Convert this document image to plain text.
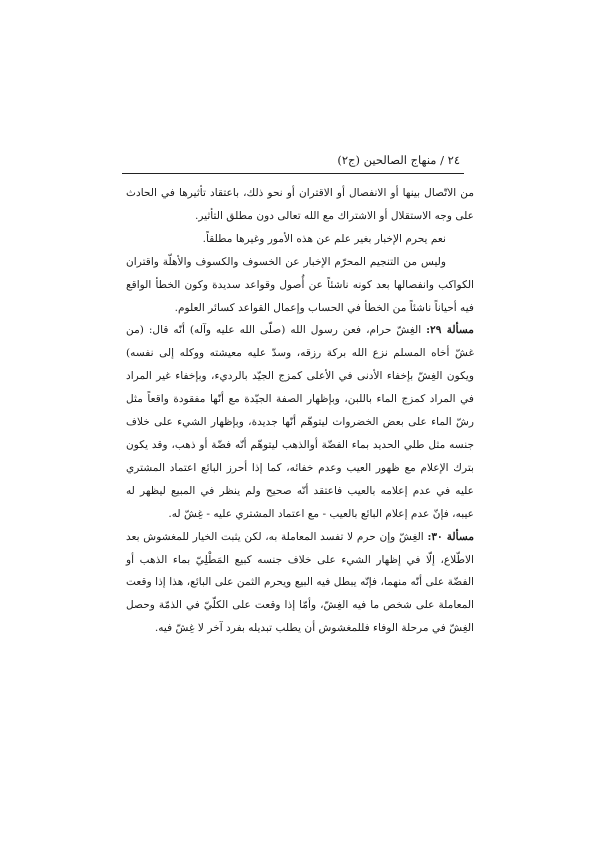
٢٤ / منهاج الصالحين (ج٢)

من الاتّصال بينها أو الانفصال أو الاقتران أو نحو ذلك، باعتقاد تأثيرها في الحادث على وجه الاستقلال أو الاشتراك مع الله تعالى دون مطلق التأثير.

نعم يحرم الإخبار بغير علم عن هذه الأمور وغيرها مطلقاً.

وليس من التنجيم المحرّم الإخبار عن الخسوف والكسوف والأهلّة واقتران الكواكب وانفصالها بعد كونه ناشئاً عن أُصول وقواعد سديدة وكون الخطأ الواقع فيه أحياناً ناشئاً من الخطأ في الحساب وإعمال القواعد كسائر العلوم.

مسألة ٢٩: الغِشّ حرام، فعن رسول الله (صلّى الله عليه وآله) أنّه قال: (من غشّ أخاه المسلم نزع الله بركة رزقه، وسدّ عليه معيشته ووكله إلى نفسه) ويكون الغِشّ بإخفاء الأدنى في الأعلى كمزج الجيّد بالرديء، وبإخفاء غير المراد في المراد كمزج الماء باللبن، وبإظهار الصفة الجيّدة مع أنّها مفقودة واقعاً مثل رشّ الماء على بعض الخضروات ليتوهّم أنّها جديدة، وبإظهار الشيء على خلاف جنسه مثل طلي الحديد بماء الفضّة أوالذهب ليتوهّم أنّه فضّة أو ذهب، وقد يكون بترك الإعلام مع ظهور العيب وعدم خفائه، كما إذا أحرز البائع اعتماد المشتري عليه في عدم إعلامه بالعيب فاعتقد أنّه صحيح ولم ينظر في المبيع ليظهر له عيبه، فإنّ عدم إعلام البائع بالعيب - مع اعتماد المشتري عليه - غِشّ له.

مسألة ٣٠: الغِشّ وإن حرم لا تفسد المعاملة به، لكن يثبت الخيار للمغشوش بعد الاطّلاع، إلّا في إظهار الشيء على خلاف جنسه كبيع المَطْلِيّ بماء الذهب أو الفضّة على أنّه منهما، فإنّه يبطل فيه البيع ويحرم الثمن على البائع، هذا إذا وقعت المعاملة على شخص ما فيه الغِشّ، وأمّا إذا وقعت على الكلّيّ في الذمّة وحصل الغِشّ في مرحلة الوفاء فللمغشوش أن يطلب تبديله بفرد آخر لا غِشّ فيه.
